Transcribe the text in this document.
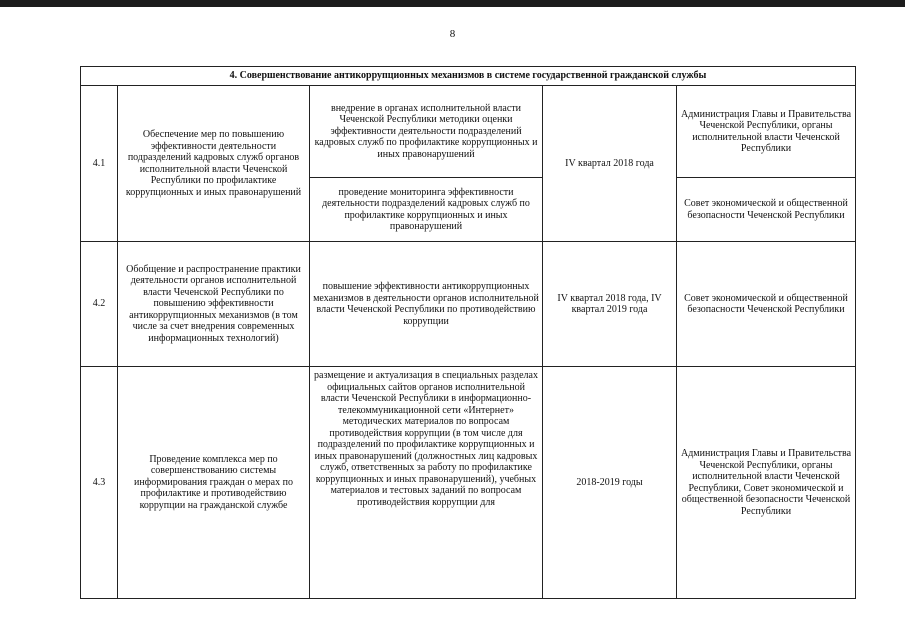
8
4. Совершенствование антикоррупционных механизмов в системе государственной гражданской службы				
4.1	Обеспечение мер по повышению эффективности деятельности подразделений кадровых служб органов исполнительной власти Чеченской Республики по профилактике коррупционных и иных правонарушений	внедрение в органах исполнительной власти Чеченской Республики методики оценки эффективности деятельности подразделений кадровых служб по профилактике коррупционных и иных правонарушений	IV квартал 2018 года	Администрация Главы и Правительства Чеченской Республики, органы исполнительной власти Чеченской Республики
		проведение мониторинга эффективности деятельности подразделений кадровых служб по профилактике коррупционных и иных правонарушений		Совет экономической и общественной безопасности Чеченской Республики
4.2	Обобщение и распространение практики деятельности органов исполнительной власти Чеченской Республики по повышению эффективности антикоррупционных механизмов (в том числе за счет внедрения современных информационных технологий)	повышение эффективности антикоррупционных механизмов в деятельности органов исполнительной власти Чеченской Республики по противодействию коррупции	IV квартал 2018 года, IV квартал 2019 года	Совет экономической и общественной безопасности Чеченской Республики
4.3	Проведение комплекса мер по совершенствованию системы информирования граждан о мерах по профилактике и противодействию коррупции на гражданской службе	размещение и актуализация в специальных разделах официальных сайтов органов исполнительной власти Чеченской Республики в информационно-телекоммуникационной сети «Интернет» методических материалов по вопросам противодействия коррупции (в том числе для подразделений по профилактике коррупционных и иных правонарушений (должностных лиц кадровых служб, ответственных за работу по профилактике коррупционных и иных правонарушений), учебных материалов и тестовых заданий по вопросам противодействия коррупции для	2018-2019 годы	Администрация Главы и Правительства Чеченской Республики, органы исполнительной власти Чеченской Республики, Совет экономической и общественной безопасности Чеченской Республики
